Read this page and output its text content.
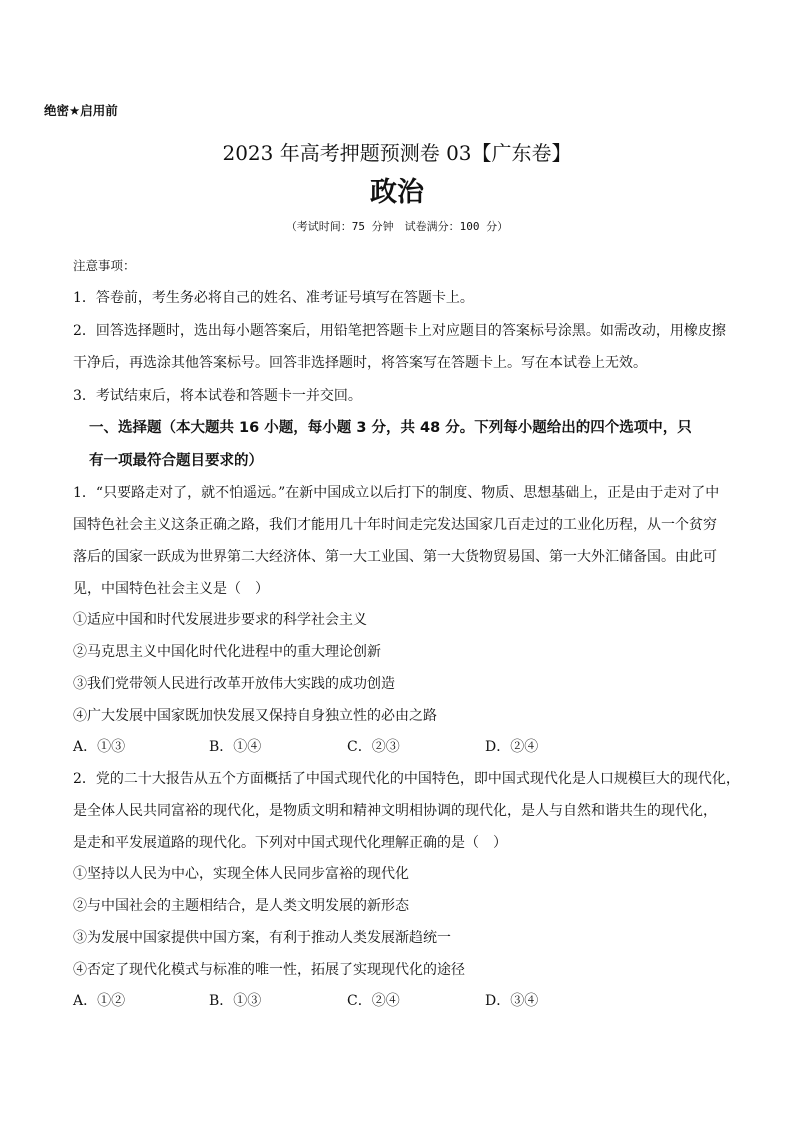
绝密★启用前
2023 年高考押题预测卷 03【广东卷】
政治
（考试时间：75 分钟　试卷满分：100 分）
注意事项：
1．答卷前，考生务必将自己的姓名、准考证号填写在答题卡上。
2．回答选择题时，选出每小题答案后，用铅笔把答题卡上对应题目的答案标号涂黑。如需改动，用橡皮擦
干净后，再选涂其他答案标号。回答非选择题时，将答案写在答题卡上。写在本试卷上无效。
3．考试结束后，将本试卷和答题卡一并交回。
一、选择题（本大题共 16 小题，每小题 3 分，共 48 分。下列每小题给出的四个选项中，只
有一项最符合题目要求的）
1．“只要路走对了，就不怕遥远。”在新中国成立以后打下的制度、物质、思想基础上，正是由于走对了中
国特色社会主义这条正确之路，我们才能用几十年时间走完发达国家几百走过的工业化历程，从一个贫穷
落后的国家一跃成为世界第二大经济体、第一大工业国、第一大货物贸易国、第一大外汇储备国。由此可
见，中国特色社会主义是（　）
①适应中国和时代发展进步要求的科学社会主义
②马克思主义中国化时代化进程中的重大理论创新
③我们党带领人民进行改革开放伟大实践的成功创造
④广大发展中国家既加快发展又保持自身独立性的必由之路
A．①③	B．①④	C．②③	D．②④
2．党的二十大报告从五个方面概括了中国式现代化的中国特色，即中国式现代化是人口规模巨大的现代化，
是全体人民共同富裕的现代化，是物质文明和精神文明相协调的现代化，是人与自然和谐共生的现代化，
是走和平发展道路的现代化。下列对中国式现代化理解正确的是（　）
①坚持以人民为中心，实现全体人民同步富裕的现代化
②与中国社会的主题相结合，是人类文明发展的新形态
③为发展中国家提供中国方案，有利于推动人类发展渐趋统一
④否定了现代化模式与标准的唯一性，拓展了实现现代化的途径
A．①②	B．①③	C．②④	D．③④
